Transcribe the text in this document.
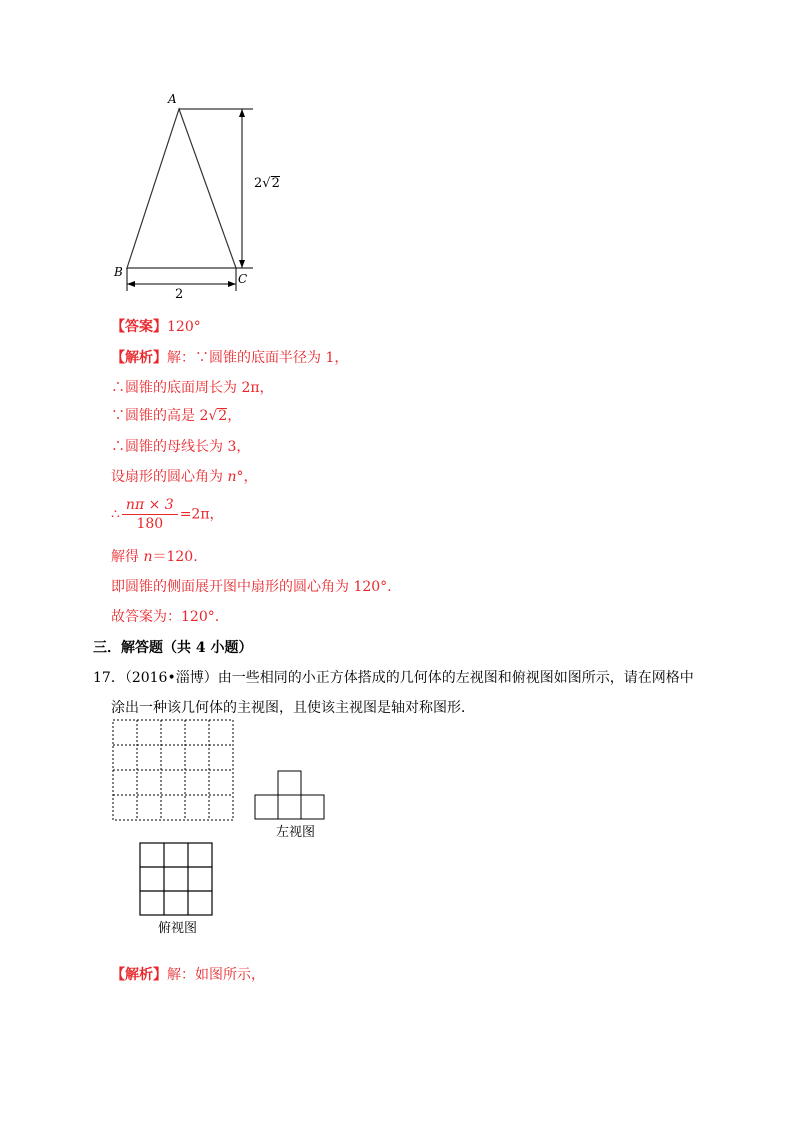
A
B	C
2√2
2
【答案】120°
【解析】解：∵圆锥的底面半径为 1，
∴圆锥的底面周长为 2π，
∵圆锥的高是 2√2，
∴圆锥的母线长为 3，
设扇形的圆心角为 n°，
∴ $\frac{n\pi \times 3}{180} =2\pi$，
解得 n＝120.
即圆锥的侧面展开图中扇形的圆心角为 120°.
故答案为：120°.
三．解答题（共 4 小题）
17．（2016•淄博）由一些相同的小正方体搭成的几何体的左视图和俯视图如图所示，请在网格中
涂出一种该几何体的主视图，且使该主视图是轴对称图形．
左视图
俯视图
【解析】解：如图所示，
